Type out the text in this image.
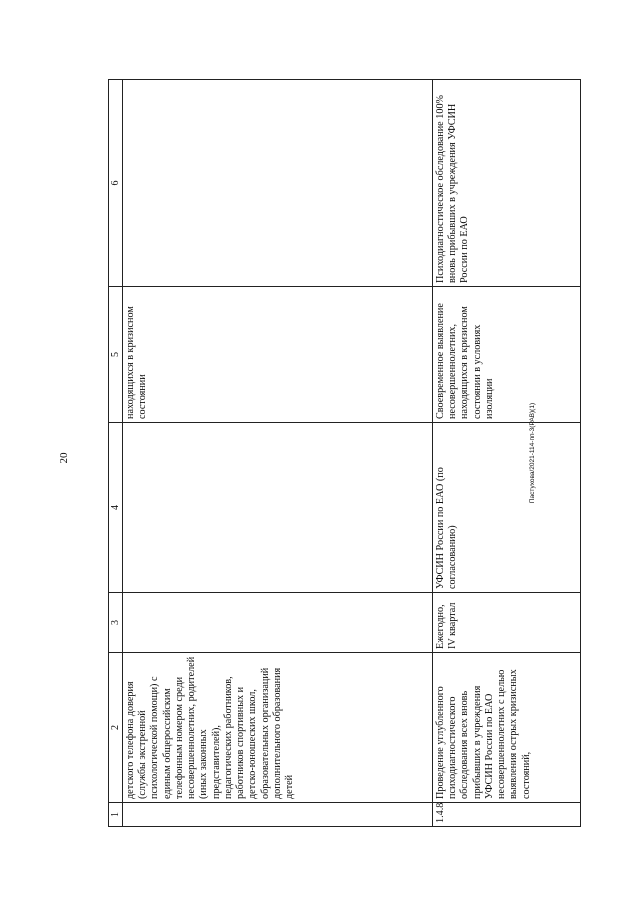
20
1	2	3	4	5	6
	детского телефона доверия (службы экстренной психологической помощи) с единым общероссийским телефонным номером среди несовершеннолетних, родителей (иных законных представителей), педагогических работников, работников спортивных и детско-юношеских школ, образовательных организаций дополнительного образования детей			находящихся в кризисном состоянии	
1.4.8	Проведение углубленного психодиагностического обследования всех вновь прибывших в учреждения УФСИН России по ЕАО несовершеннолетних с целью выявления острых кризисных состояний,	Ежегодно, IV квартал	УФСИН России по ЕАО (по согласованию)	Своевременное выявление несовершеннолетних, находящихся в кризисном состоянии в условиях изоляции	Психодиагностическое обследование 100% вновь прибывших в учреждения УФСИН России по ЕАО
Пастухова/2021-114-пп-3(РАВ)(1)
